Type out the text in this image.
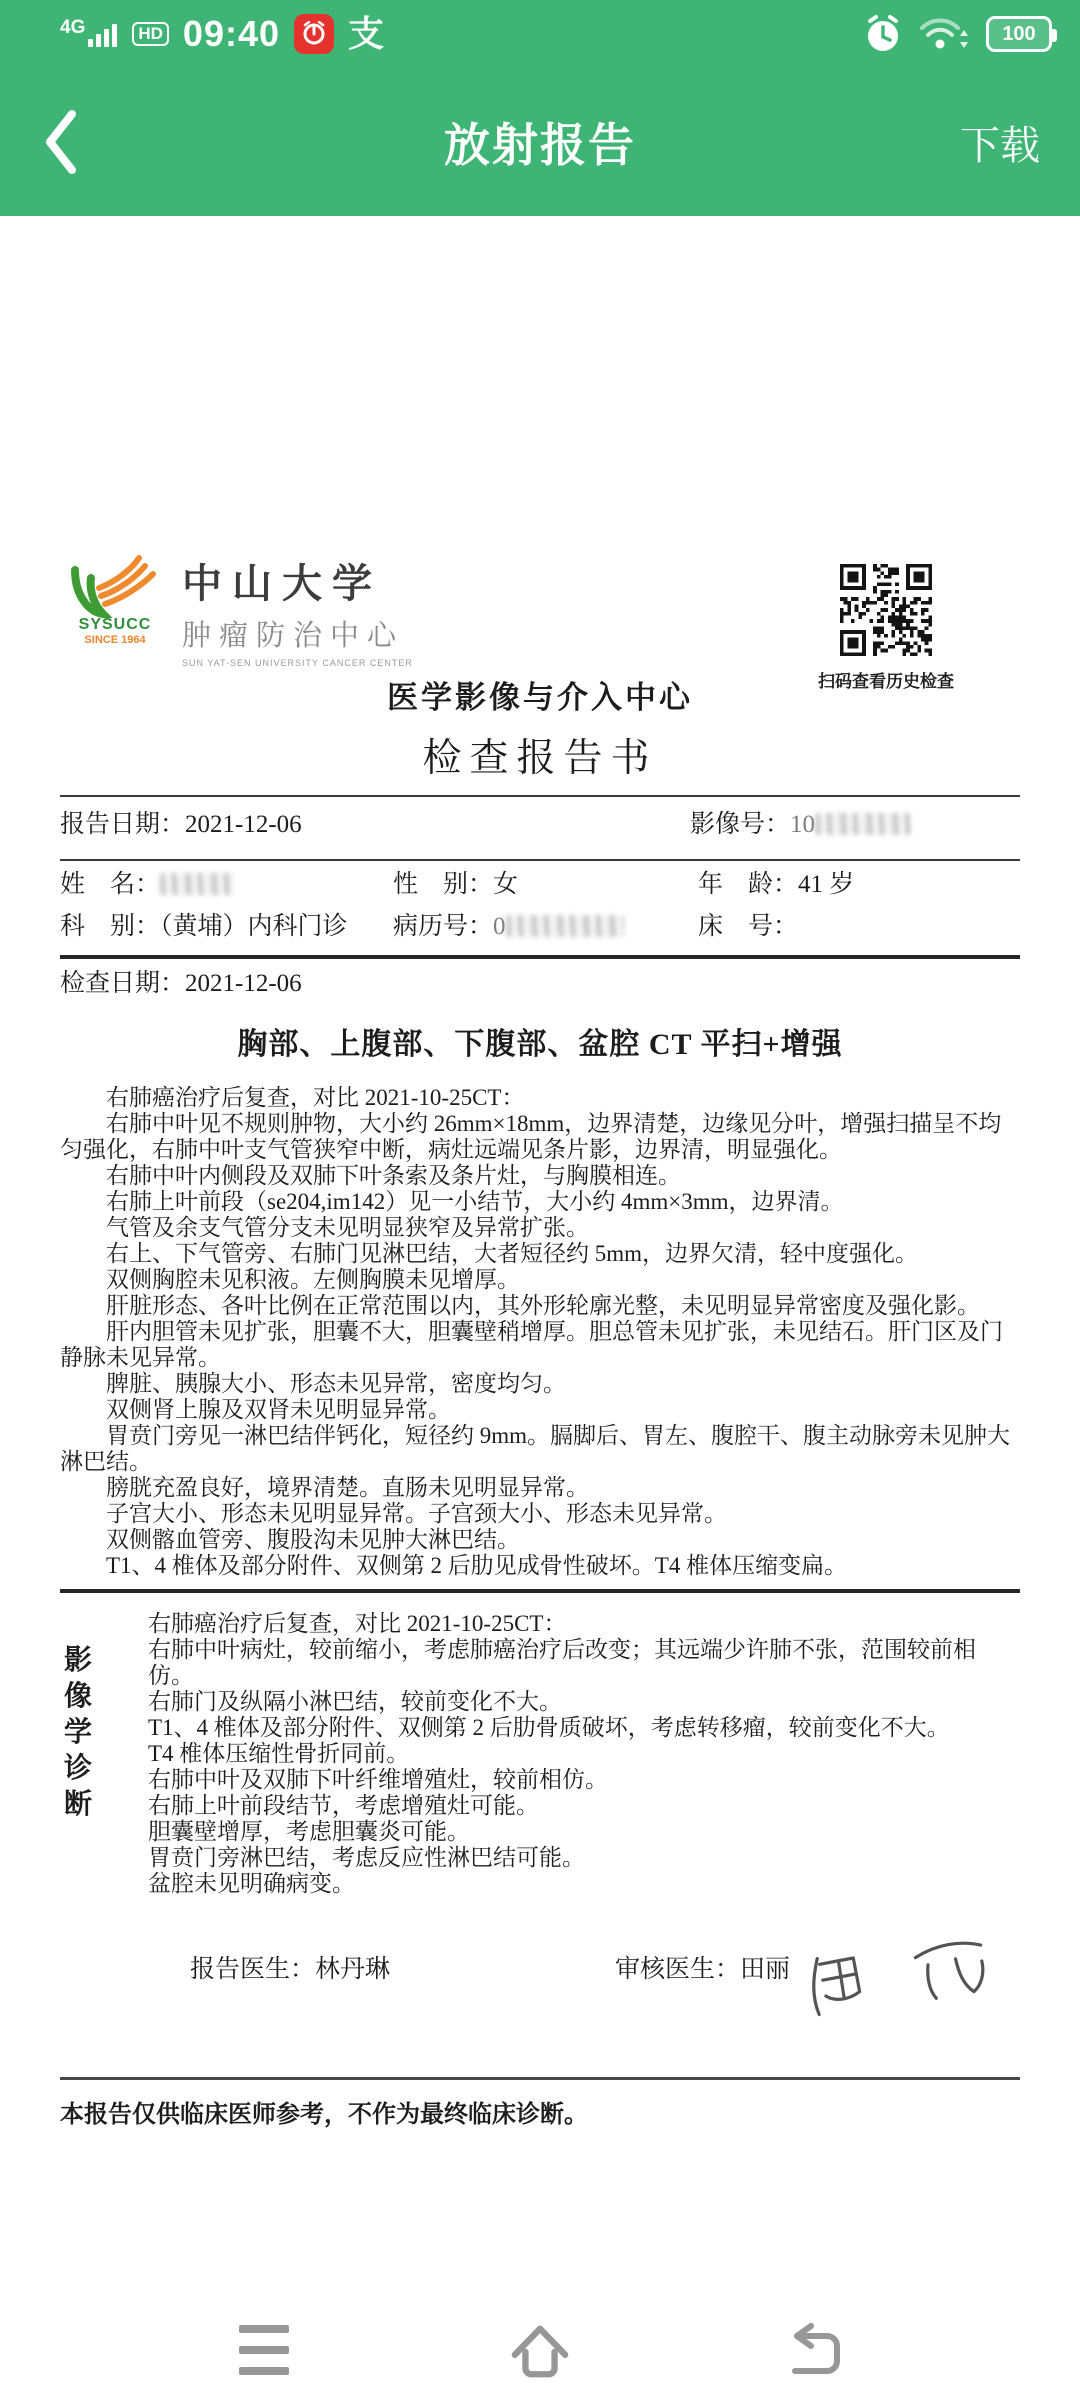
4G	HD 09:40 支	100
放射报告	下载
SYSUCC
SINCE 1964
中山大学
肿瘤防治中心
SUN YAT-SEN UNIVERSITY CANCER CENTER
扫码查看历史检查
医学影像与介入中心
检查报告书
报告日期：2021-12-06	影像号：10
姓　名：	性　别：女	年　龄：41 岁
科　别：（黄埔）内科门诊	病历号：0	床　号：
检查日期：2021-12-06
胸部、上腹部、下腹部、盆腔 CT 平扫+增强

右肺癌治疗后复查，对比 2021-10-25CT：

右肺中叶见不规则肿物，大小约 26mm×18mm，边界清楚，边缘见分叶，增强扫描呈不均匀强化，右肺中叶支气管狭窄中断，病灶远端见条片影，边界清，明显强化。

右肺中叶内侧段及双肺下叶条索及条片灶，与胸膜相连。

右肺上叶前段（se204,im142）见一小结节，大小约 4mm×3mm，边界清。

气管及余支气管分支未见明显狭窄及异常扩张。

右上、下气管旁、右肺门见淋巴结，大者短径约 5mm，边界欠清，轻中度强化。

双侧胸腔未见积液。左侧胸膜未见增厚。

肝脏形态、各叶比例在正常范围以内，其外形轮廓光整，未见明显异常密度及强化影。

肝内胆管未见扩张，胆囊不大，胆囊壁稍增厚。胆总管未见扩张，未见结石。肝门区及门静脉未见异常。

脾脏、胰腺大小、形态未见异常，密度均匀。

双侧肾上腺及双肾未见明显异常。

胃贲门旁见一淋巴结伴钙化，短径约 9mm。膈脚后、胃左、腹腔干、腹主动脉旁未见肿大淋巴结。

膀胱充盈良好，境界清楚。直肠未见明显异常。

子宫大小、形态未见明显异常。子宫颈大小、形态未见异常。

双侧髂血管旁、腹股沟未见肿大淋巴结。

T1、4 椎体及部分附件、双侧第 2 后肋见成骨性破坏。T4 椎体压缩变扁。

影
像
学
诊
断

右肺癌治疗后复查，对比 2021-10-25CT：

右肺中叶病灶，较前缩小，考虑肺癌治疗后改变；其远端少许肺不张，范围较前相仿。

右肺门及纵隔小淋巴结，较前变化不大。

T1、4 椎体及部分附件、双侧第 2 后肋骨质破坏，考虑转移瘤，较前变化不大。

T4 椎体压缩性骨折同前。

右肺中叶及双肺下叶纤维增殖灶，较前相仿。

右肺上叶前段结节，考虑增殖灶可能。

胆囊壁增厚，考虑胆囊炎可能。

胃贲门旁淋巴结，考虑反应性淋巴结可能。

盆腔未见明确病变。

报告医生：林丹琳	审核医生：田丽
本报告仅供临床医师参考，不作为最终临床诊断。
